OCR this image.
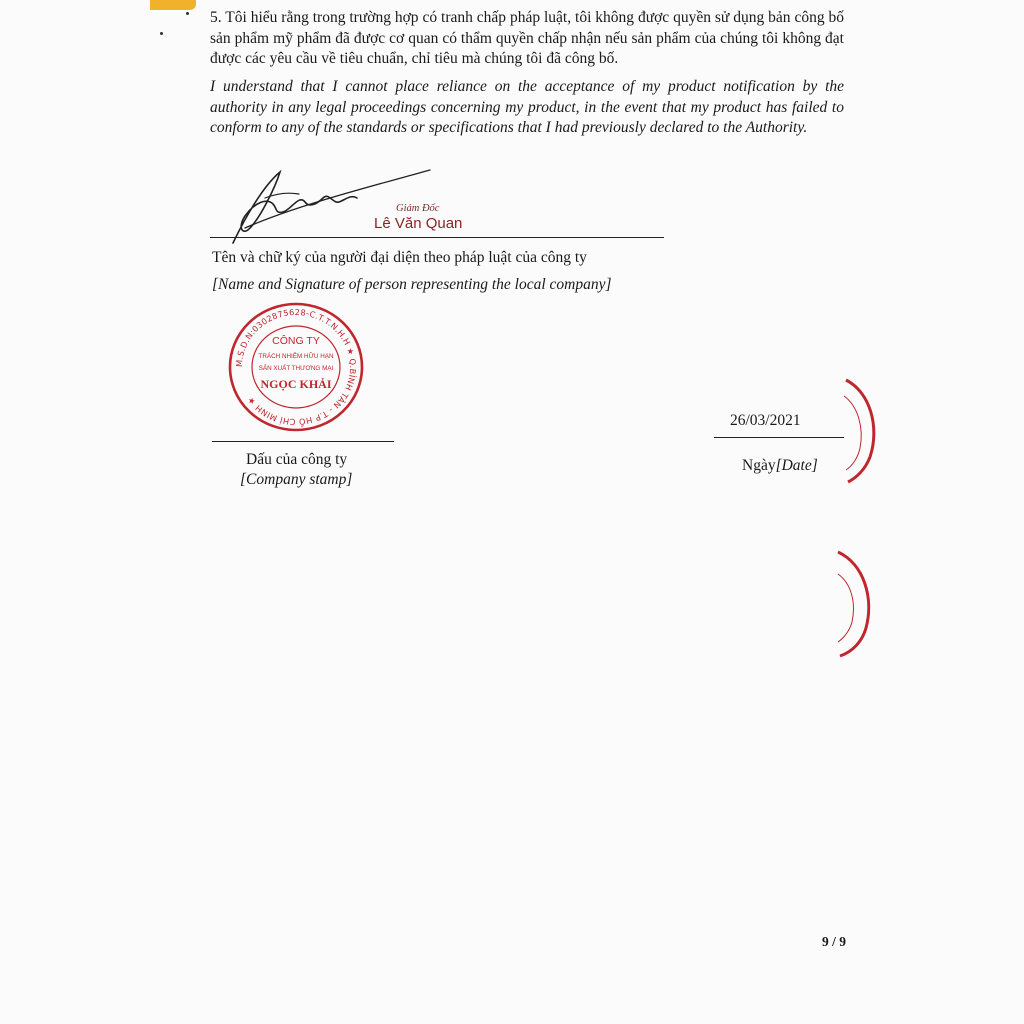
5. Tôi hiểu rằng trong trường hợp có tranh chấp pháp luật, tôi không được quyền sử dụng bản công bố sản phẩm mỹ phẩm đã được cơ quan có thẩm quyền chấp nhận nếu sản phẩm của chúng tôi không đạt được các yêu cầu về tiêu chuẩn, chỉ tiêu mà chúng tôi đã công bố.
I understand that I cannot place reliance on the acceptance of my product notification by the authority in any legal proceedings concerning my product, in the event that my product has failed to conform to any of the standards or specifications that I had previously declared to the Authority.
Giám Đốc
Lê Văn Quan
Tên và chữ ký của người đại diện theo pháp luật của công ty
[Name and Signature of person representing the local company]
M.S.D.N:0302875628-C.T.T.N.H.H ★ Q.BÌNH TÂN - T.P HỒ CHÍ MINH ★
CÔNG TY
TRÁCH NHIỆM HỮU HẠN
SẢN XUẤT THƯƠNG MẠI
NGỌC KHẢI
Dấu của công ty
[Company stamp]
26/03/2021
Ngày[Date]
9 / 9
